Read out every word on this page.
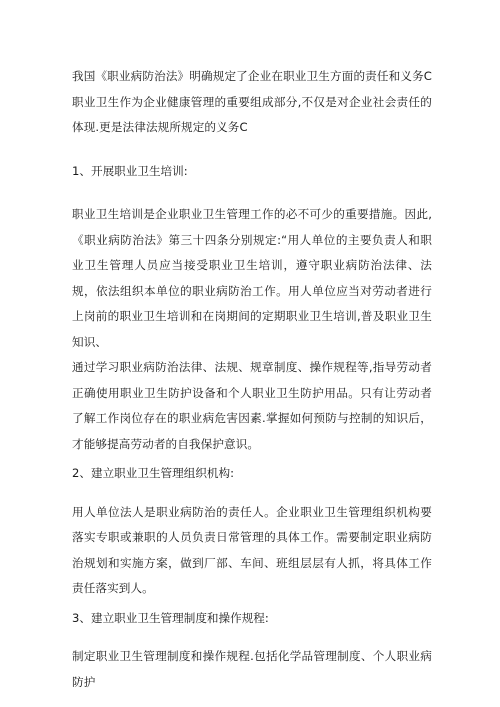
我国《职业病防治法》明确规定了企业在职业卫生方面的责任和义务C职业卫生作为企业健康管理的重要组成部分,不仅是对企业社会责任的体现.更是法律法规所规定的义务C

1、开展职业卫生培训:

职业卫生培训是企业职业卫生管理工作的必不可少的重要措施。因此,《职业病防治法》第三十四条分别规定:“用人单位的主要负责人和职业卫生管理人员应当接受职业卫生培训，遵守职业病防治法律、法规，依法组织本单位的职业病防治工作。用人单位应当对劳动者进行上岗前的职业卫生培训和在岗期间的定期职业卫生培训,普及职业卫生知识、

通过学习职业病防治法律、法规、规章制度、操作规程等,指导劳动者正确使用职业卫生防护设备和个人职业卫生防护用品。只有让劳动者了解工作岗位存在的职业病危害因素.掌握如何预防与控制的知识后，才能够提高劳动者的自我保护意识。

2、建立职业卫生管理组织机构:

用人单位法人是职业病防治的责任人。企业职业卫生管理组织机构要落实专职或兼职的人员负责日常管理的具体工作。需要制定职业病防治规划和实施方案，做到厂部、车间、班组层层有人抓，将具体工作责任落实到人。

3、建立职业卫生管理制度和操作规程:

制定职业卫生管理制度和操作规程.包括化学品管理制度、个人职业病防护
